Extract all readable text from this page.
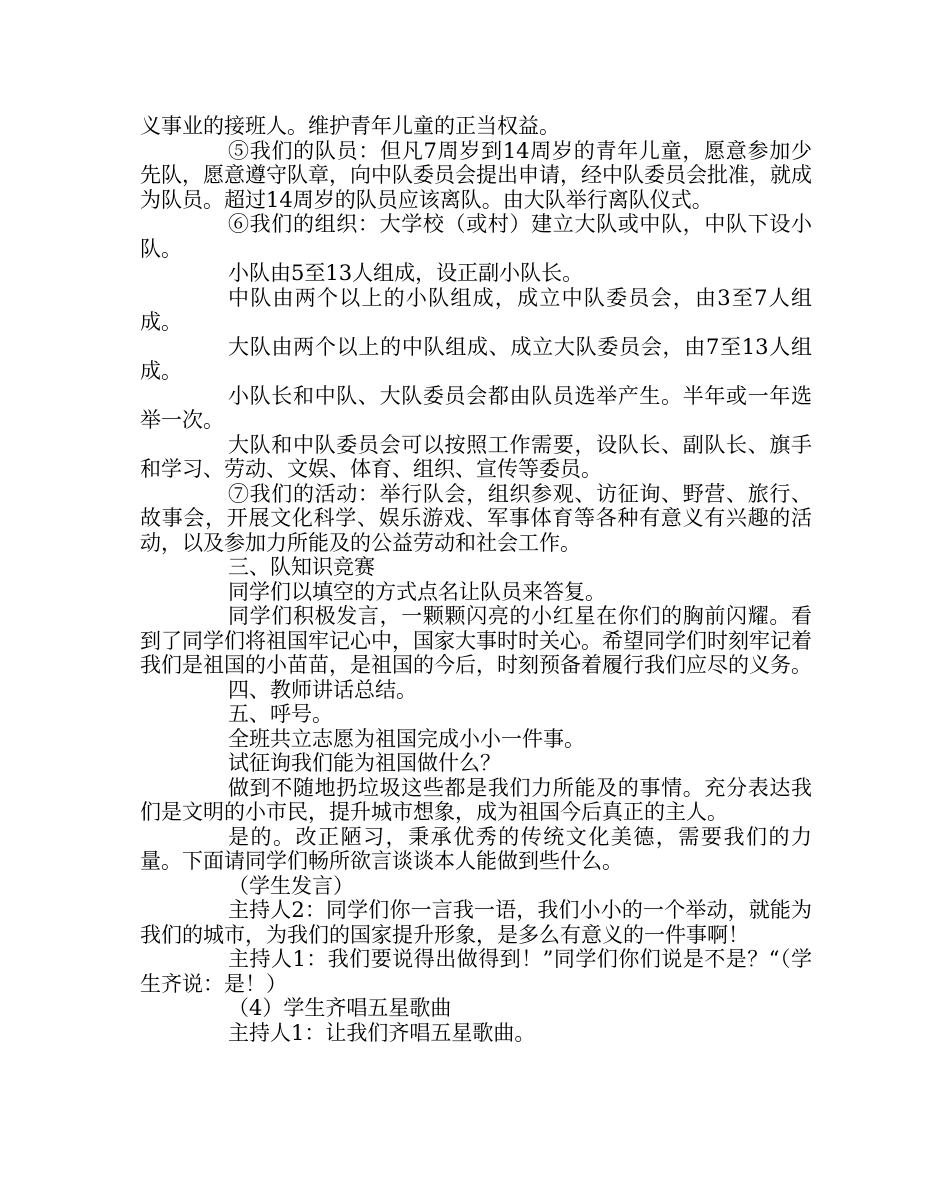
义事业的接班人。维护青年儿童的正当权益。

⑤我们的队员：但凡7周岁到14周岁的青年儿童，愿意参加少先队，愿意遵守队章，向中队委员会提出申请，经中队委员会批准，就成为队员。超过14周岁的队员应该离队。由大队举行离队仪式。

⑥我们的组织：大学校（或村）建立大队或中队，中队下设小队。

小队由5至13人组成，设正副小队长。

中队由两个以上的小队组成，成立中队委员会，由3至7人组成。

大队由两个以上的中队组成、成立大队委员会，由7至13人组成。

小队长和中队、大队委员会都由队员选举产生。半年或一年选举一次。

大队和中队委员会可以按照工作需要，设队长、副队长、旗手和学习、劳动、文娱、体育、组织、宣传等委员。

⑦我们的活动：举行队会，组织参观、访征询、野营、旅行、故事会，开展文化科学、娱乐游戏、军事体育等各种有意义有兴趣的活动，以及参加力所能及的公益劳动和社会工作。

三、队知识竞赛

同学们以填空的方式点名让队员来答复。

同学们积极发言，一颗颗闪亮的小红星在你们的胸前闪耀。看到了同学们将祖国牢记心中，国家大事时时关心。希望同学们时刻牢记着我们是祖国的小苗苗，是祖国的今后，时刻预备着履行我们应尽的义务。

四、教师讲话总结。

五、呼号。

全班共立志愿为祖国完成小小一件事。

试征询我们能为祖国做什么？

做到不随地扔垃圾这些都是我们力所能及的事情。充分表达我们是文明的小市民，提升城市想象，成为祖国今后真正的主人。

是的。改正陋习，秉承优秀的传统文化美德，需要我们的力量。下面请同学们畅所欲言谈谈本人能做到些什么。

（学生发言）

主持人2：同学们你一言我一语，我们小小的一个举动，就能为我们的城市，为我们的国家提升形象，是多么有意义的一件事啊！

主持人1：我们要说得出做得到！”同学们你们说是不是？“（学生齐说：是！）

（4）学生齐唱五星歌曲

主持人1：让我们齐唱五星歌曲。
